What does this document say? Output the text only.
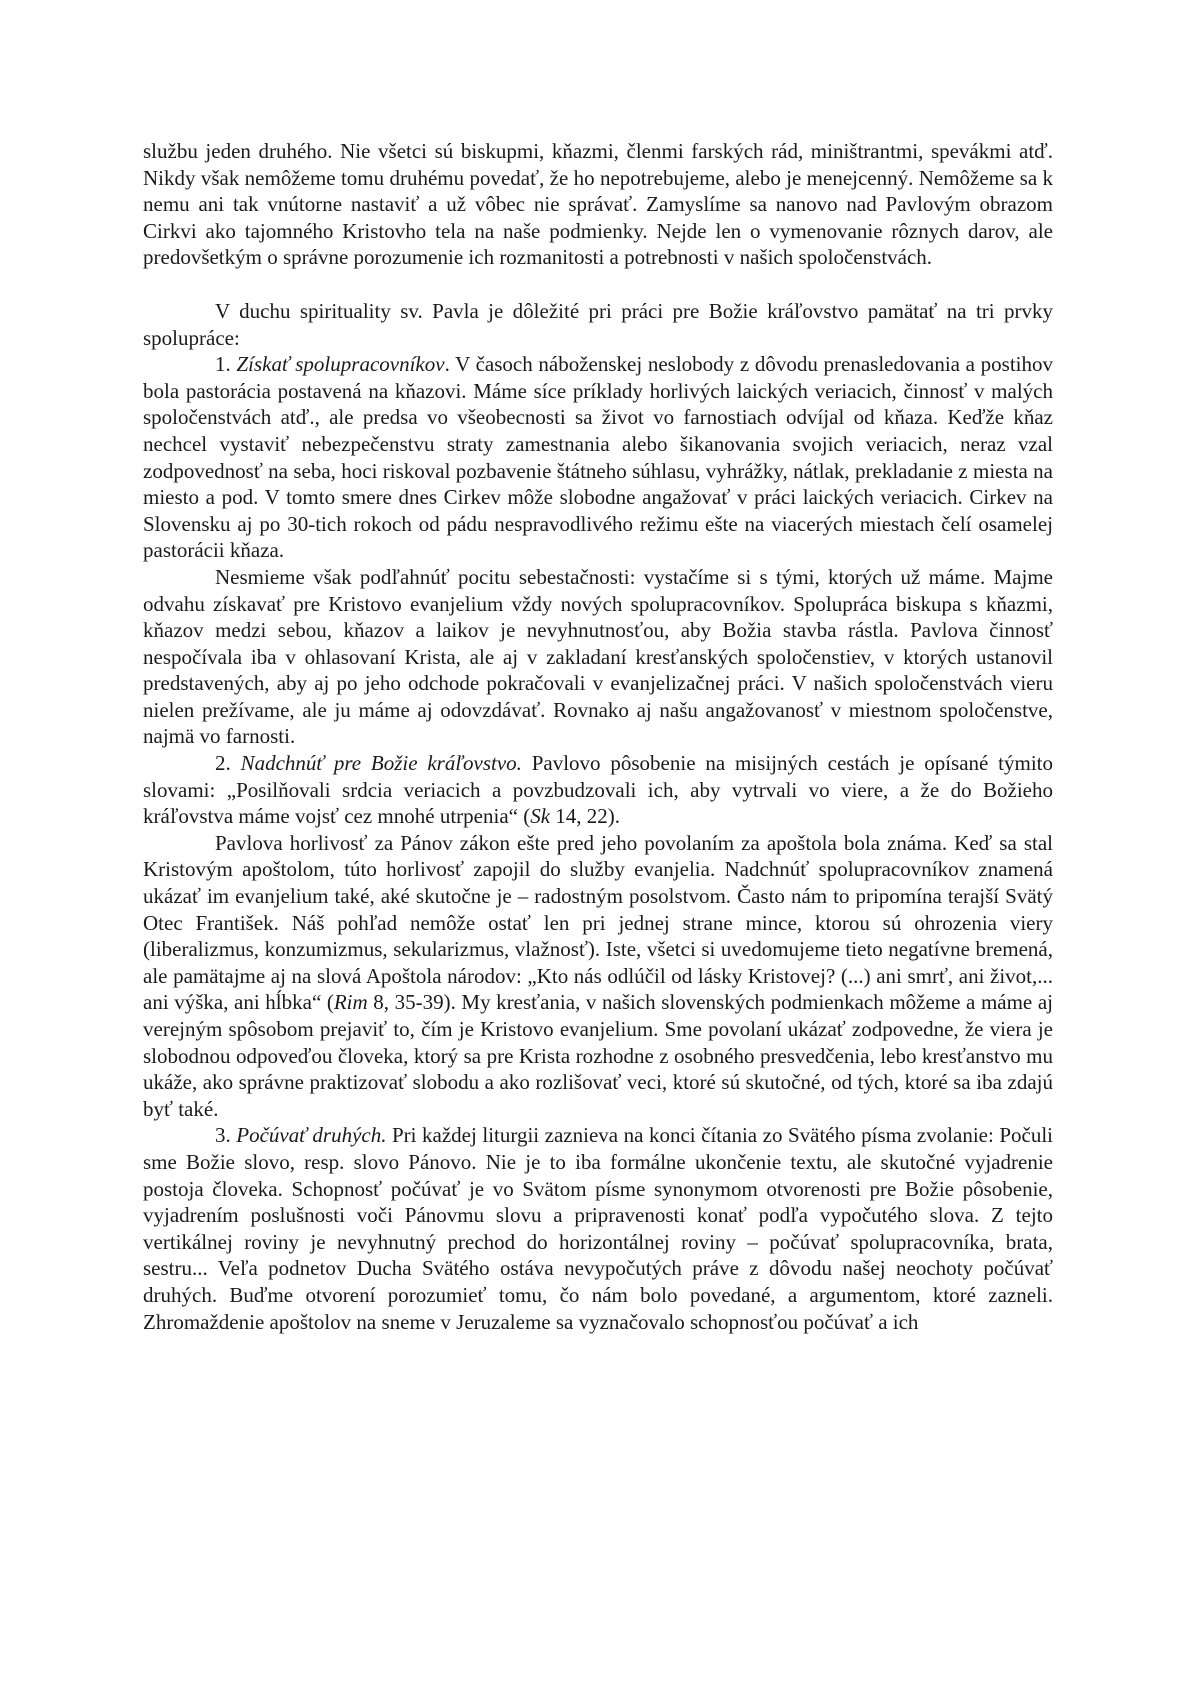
službu jeden druhého. Nie všetci sú biskupmi, kňazmi, členmi farských rád, miništrantmi, spevákmi atď. Nikdy však nemôžeme tomu druhému povedať, že ho nepotrebujeme, alebo je menejcenný. Nemôžeme sa k nemu ani tak vnútorne nastaviť a už vôbec nie správať. Zamyslíme sa nanovo nad Pavlovým obrazom Cirkvi ako tajomného Kristovho tela na naše podmienky. Nejde len o vymenovanie rôznych darov, ale predovšetkým o správne porozumenie ich rozmanitosti a potrebnosti v našich spoločenstvách.

V duchu spirituality sv. Pavla je dôležité pri práci pre Božie kráľovstvo pamätať na tri prvky spolupráce:

1. Získať spolupracovníkov. V časoch náboženskej neslobody z dôvodu prenasledovania a postihov bola pastorácia postavená na kňazovi. Máme síce príklady horlivých laických veriacich, činnosť v malých spoločenstvách atď., ale predsa vo všeobecnosti sa život vo farnostiach odvíjal od kňaza. Keďže kňaz nechcel vystaviť nebezpečenstvu straty zamestnania alebo šikanovania svojich veriacich, neraz vzal zodpovednosť na seba, hoci riskoval pozbavenie štátneho súhlasu, vyhrážky, nátlak, prekladanie z miesta na miesto a pod. V tomto smere dnes Cirkev môže slobodne angažovať v práci laických veriacich. Cirkev na Slovensku aj po 30-tich rokoch od pádu nespravodlivého režimu ešte na viacerých miestach čelí osamelej pastorácii kňaza.

Nesmieme však podľahnúť pocitu sebestačnosti: vystačíme si s tými, ktorých už máme. Majme odvahu získavať pre Kristovo evanjelium vždy nových spolupracovníkov. Spolupráca biskupa s kňazmi, kňazov medzi sebou, kňazov a laikov je nevyhnutnosťou, aby Božia stavba rástla. Pavlova činnosť nespočívala iba v ohlasovaní Krista, ale aj v zakladaní kresťanských spoločenstiev, v ktorých ustanovil predstavených, aby aj po jeho odchode pokračovali v evanjelizačnej práci. V našich spoločenstvách vieru nielen prežívame, ale ju máme aj odovzdávať. Rovnako aj našu angažovanosť v miestnom spoločenstve, najmä vo farnosti.

2. Nadchnúť pre Božie kráľovstvo. Pavlovo pôsobenie na misijných cestách je opísané týmito slovami: „Posilňovali srdcia veriacich a povzbudzovali ich, aby vytrvali vo viere, a že do Božieho kráľovstva máme vojsť cez mnohé utrpenia“ (Sk 14, 22).

Pavlova horlivosť za Pánov zákon ešte pred jeho povolaním za apoštola bola známa. Keď sa stal Kristovým apoštolom, túto horlivosť zapojil do služby evanjelia. Nadchnúť spolupracovníkov znamená ukázať im evanjelium také, aké skutočne je – radostným posolstvom. Často nám to pripomína terajší Svätý Otec František. Náš pohľad nemôže ostať len pri jednej strane mince, ktorou sú ohrozenia viery (liberalizmus, konzumizmus, sekularizmus, vlažnosť). Iste, všetci si uvedomujeme tieto negatívne bremená, ale pamätajme aj na slová Apoštola národov: „Kto nás odlúčil od lásky Kristovej? (...) ani smrť, ani život,... ani výška, ani hĺbka“ (Rim 8, 35-39). My kresťania, v našich slovenských podmienkach môžeme a máme aj verejným spôsobom prejaviť to, čím je Kristovo evanjelium. Sme povolaní ukázať zodpovedne, že viera je slobodnou odpoveďou človeka, ktorý sa pre Krista rozhodne z osobného presvedčenia, lebo kresťanstvo mu ukáže, ako správne praktizovať slobodu a ako rozlišovať veci, ktoré sú skutočné, od tých, ktoré sa iba zdajú byť také.

3. Počúvať druhých. Pri každej liturgii zaznieva na konci čítania zo Svätého písma zvolanie: Počuli sme Božie slovo, resp. slovo Pánovo. Nie je to iba formálne ukončenie textu, ale skutočné vyjadrenie postoja človeka. Schopnosť počúvať je vo Svätom písme synonymom otvorenosti pre Božie pôsobenie, vyjadrením poslušnosti voči Pánovmu slovu a pripravenosti konať podľa vypočutého slova. Z tejto vertikálnej roviny je nevyhnutný prechod do horizontálnej roviny – počúvať spolupracovníka, brata, sestru... Veľa podnetov Ducha Svätého ostáva nevypočutých práve z dôvodu našej neochoty počúvať druhých. Buďme otvorení porozumieť tomu, čo nám bolo povedané, a argumentom, ktoré zazneli. Zhromaždenie apoštolov na sneme v Jeruzaleme sa vyznačovalo schopnosťou počúvať a ich
